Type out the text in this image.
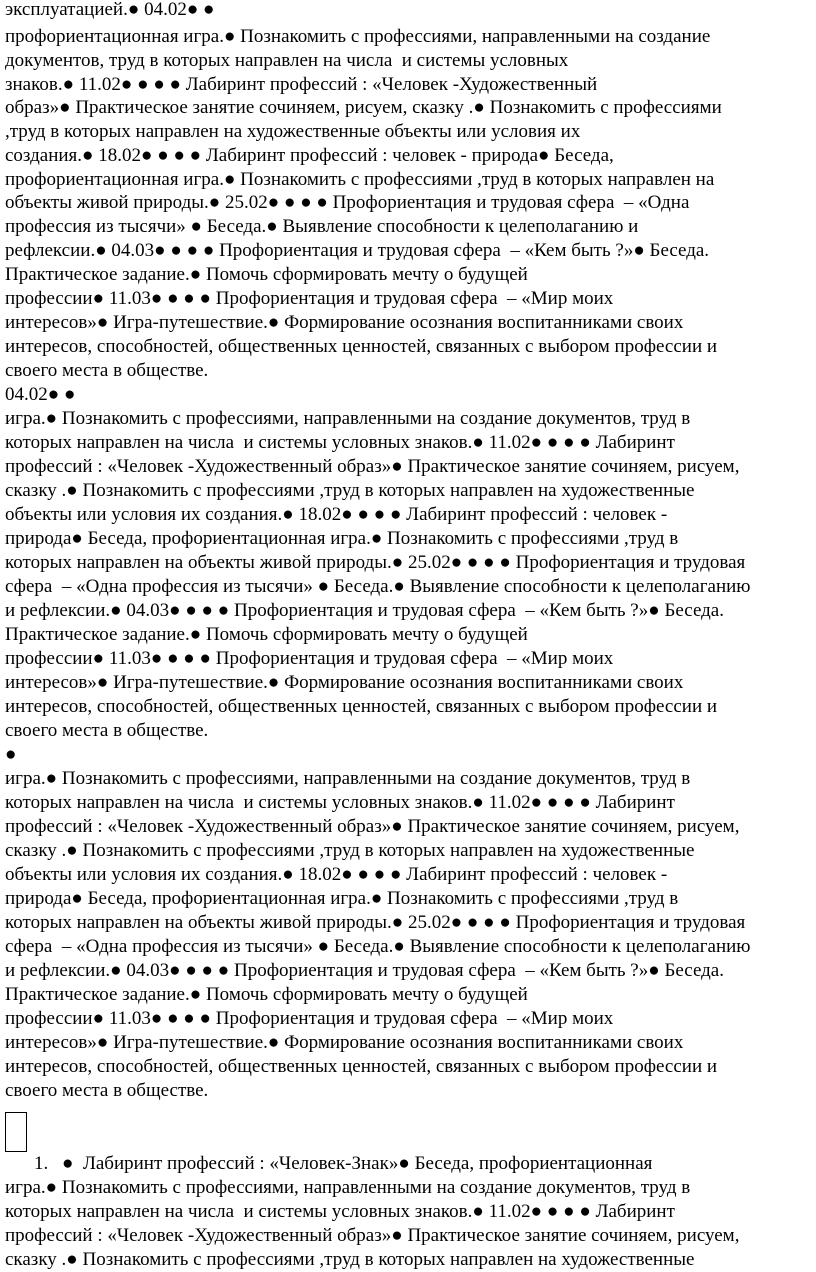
эксплуатацией.● 04.02● ●
профориентационная игра.● Познакомить с профессиями, направленными на создание
документов, труд в которых направлен на числа  и системы условных
знаков.● 11.02● ● ● ● Лабиринт профессий : «Человек -Художественный
образ»● Практическое занятие сочиняем, рисуем, сказку .● Познакомить с профессиями
,труд в которых направлен на художественные объекты или условия их
создания.● 18.02● ● ● ● Лабиринт профессий : человек - природа● Беседа,
профориентационная игра.● Познакомить с профессиями ,труд в которых направлен на
объекты живой природы.● 25.02● ● ● ● Профориентация и трудовая сфера  – «Одна
профессия из тысячи» ● Беседа.● Выявление способности к целеполаганию и
рефлексии.● 04.03● ● ● ● Профориентация и трудовая сфера  – «Кем быть ?»● Беседа.
Практическое задание.● Помочь сформировать мечту о будущей
профессии● 11.03● ● ● ● Профориентация и трудовая сфера  – «Мир моих
интересов»● Игра-путешествие.● Формирование осознания воспитанниками своих
интересов, способностей, общественных ценностей, связанных с выбором профессии и
своего места в обществе.
04.02● ●
игра.● Познакомить с профессиями, направленными на создание документов, труд в
которых направлен на числа  и системы условных знаков.● 11.02● ● ● ● Лабиринт
профессий : «Человек -Художественный образ»● Практическое занятие сочиняем, рисуем,
сказку .● Познакомить с профессиями ,труд в которых направлен на художественные
объекты или условия их создания.● 18.02● ● ● ● Лабиринт профессий : человек -
природа● Беседа, профориентационная игра.● Познакомить с профессиями ,труд в
которых направлен на объекты живой природы.● 25.02● ● ● ● Профориентация и трудовая
сфера  – «Одна профессия из тысячи» ● Беседа.● Выявление способности к целеполаганию
и рефлексии.● 04.03● ● ● ● Профориентация и трудовая сфера  – «Кем быть ?»● Беседа.
Практическое задание.● Помочь сформировать мечту о будущей
профессии● 11.03● ● ● ● Профориентация и трудовая сфера  – «Мир моих
интересов»● Игра-путешествие.● Формирование осознания воспитанниками своих
интересов, способностей, общественных ценностей, связанных с выбором профессии и
своего места в обществе.
●
игра.● Познакомить с профессиями, направленными на создание документов, труд в
которых направлен на числа  и системы условных знаков.● 11.02● ● ● ● Лабиринт
профессий : «Человек -Художественный образ»● Практическое занятие сочиняем, рисуем,
сказку .● Познакомить с профессиями ,труд в которых направлен на художественные
объекты или условия их создания.● 18.02● ● ● ● Лабиринт профессий : человек -
природа● Беседа, профориентационная игра.● Познакомить с профессиями ,труд в
которых направлен на объекты живой природы.● 25.02● ● ● ● Профориентация и трудовая
сфера  – «Одна профессия из тысячи» ● Беседа.● Выявление способности к целеполаганию
и рефлексии.● 04.03● ● ● ● Профориентация и трудовая сфера  – «Кем быть ?»● Беседа.
Практическое задание.● Помочь сформировать мечту о будущей
профессии● 11.03● ● ● ● Профориентация и трудовая сфера  – «Мир моих
интересов»● Игра-путешествие.● Формирование осознания воспитанниками своих
интересов, способностей, общественных ценностей, связанных с выбором профессии и
своего места в обществе.
1. ●  Лабиринт профессий : «Человек-Знак»● Беседа, профориентационная
игра.● Познакомить с профессиями, направленными на создание документов, труд в
которых направлен на числа  и системы условных знаков.● 11.02● ● ● ● Лабиринт
профессий : «Человек -Художественный образ»● Практическое занятие сочиняем, рисуем,
сказку .● Познакомить с профессиями ,труд в которых направлен на художественные
